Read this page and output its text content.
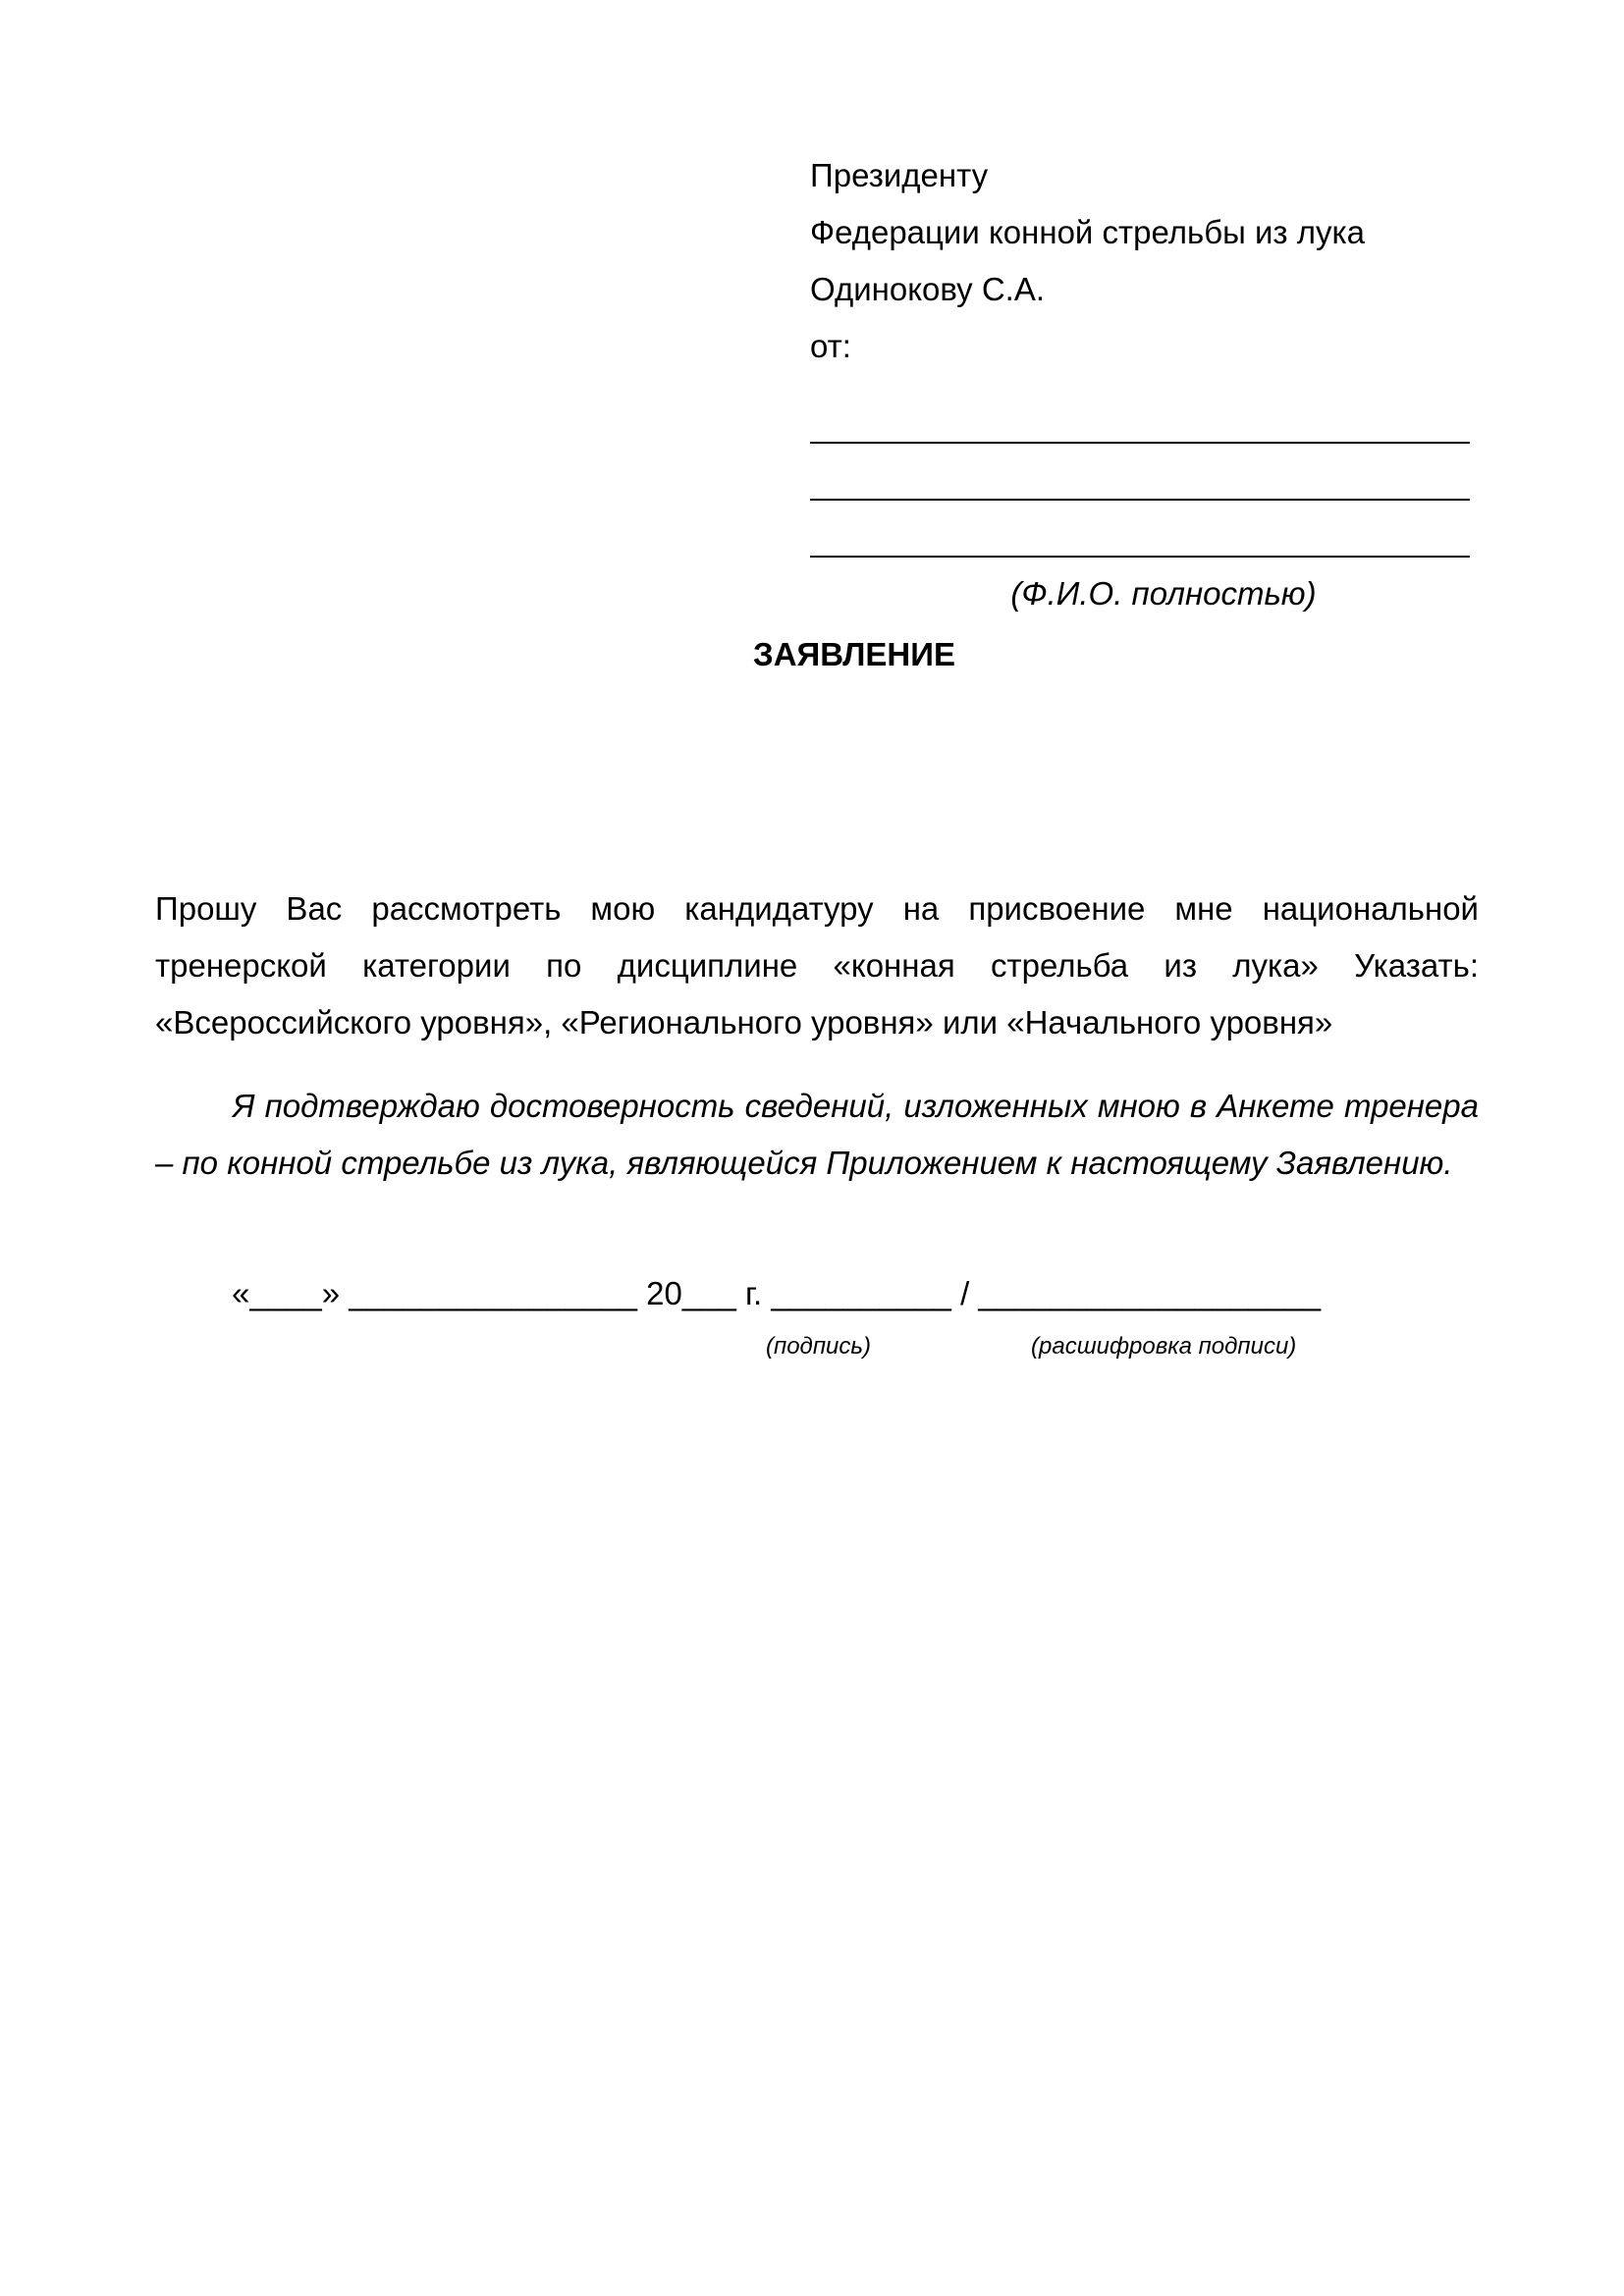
Президенту
Федерации конной стрельбы из лука
Одинокову С.А.
от:
(Ф.И.О. полностью)
ЗАЯВЛЕНИЕ
Прошу Вас рассмотреть мою кандидатуру на присвоение мне национальной тренерской категории по дисциплине «конная стрельба из лука» Указать: «Всероссийского уровня», «Регионального уровня» или «Начального уровня»
Я подтверждаю достоверность сведений, изложенных мною в Анкете тренера – по конной стрельбе из лука, являющейся Приложением к настоящему Заявлению.
«____» ________________ 20___ г. __________ / ___________________
(подпись)	(расшифровка подписи)
